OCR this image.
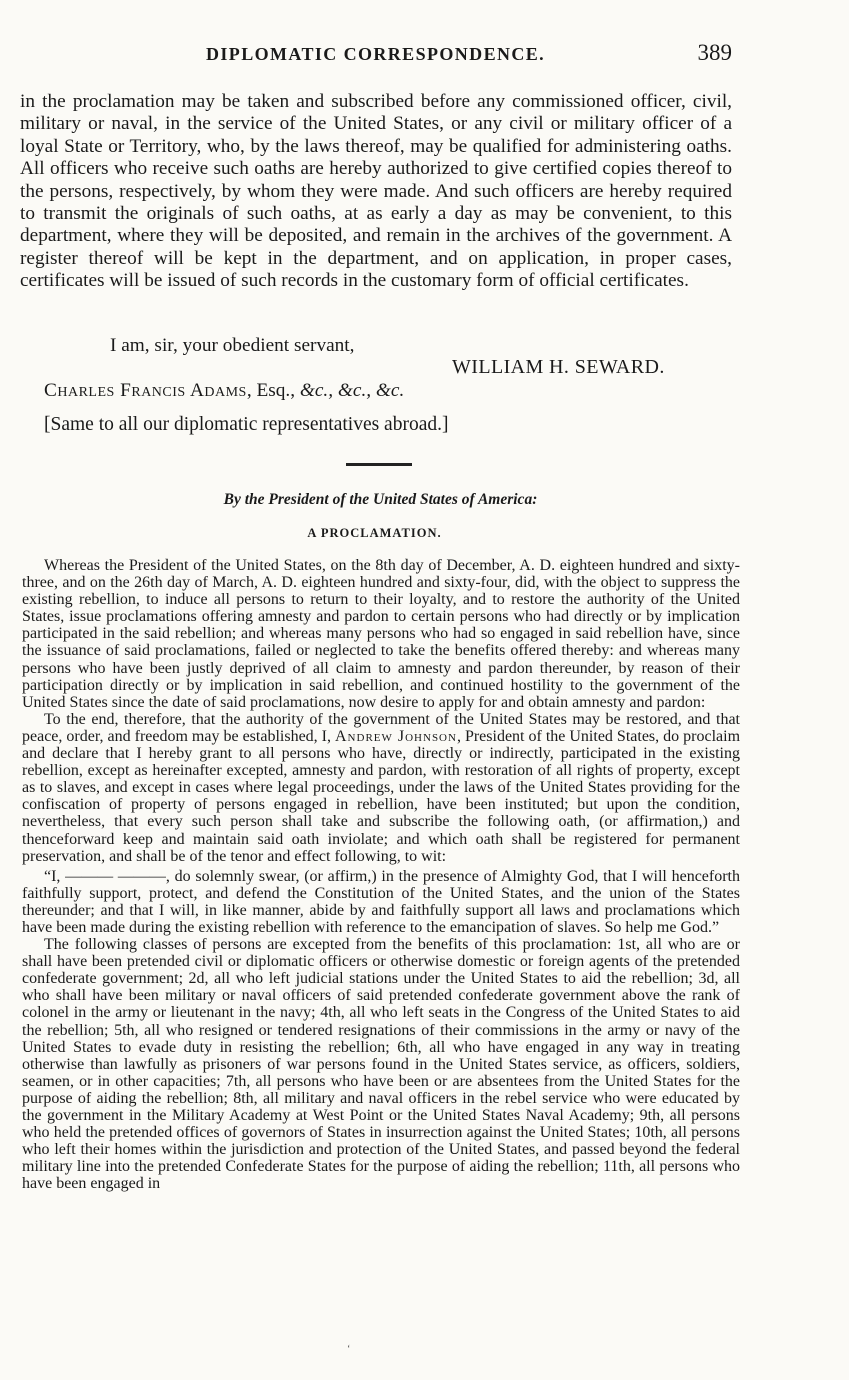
DIPLOMATIC CORRESPONDENCE.	389

in the proclamation may be taken and subscribed before any commissioned officer, civil, military or naval, in the service of the United States, or any civil or military officer of a loyal State or Territory, who, by the laws thereof, may be qualified for administering oaths. All officers who receive such oaths are hereby authorized to give certified copies thereof to the persons, respectively, by whom they were made. And such officers are hereby required to transmit the originals of such oaths, at as early a day as may be convenient, to this department, where they will be deposited, and remain in the archives of the government. A register thereof will be kept in the department, and on application, in proper cases, certificates will be issued of such records in the customary form of official certificates.

I am, sir, your obedient servant,
WILLIAM H. SEWARD.
Charles Francis Adams, Esq., &c., &c., &c.
[Same to all our diplomatic representatives abroad.]
By the President of the United States of America:
A PROCLAMATION.

Whereas the President of the United States, on the 8th day of December, A. D. eighteen hundred and sixty-three, and on the 26th day of March, A. D. eighteen hundred and sixty-four, did, with the object to suppress the existing rebellion, to induce all persons to return to their loyalty, and to restore the authority of the United States, issue proclamations offering amnesty and pardon to certain persons who had directly or by implication participated in the said rebellion; and whereas many persons who had so engaged in said rebellion have, since the issuance of said proclamations, failed or neglected to take the benefits offered thereby: and whereas many persons who have been justly deprived of all claim to amnesty and pardon thereunder, by reason of their participation directly or by implication in said rebellion, and continued hostility to the government of the United States since the date of said proclamations, now desire to apply for and obtain amnesty and pardon:

To the end, therefore, that the authority of the government of the United States may be restored, and that peace, order, and freedom may be established, I, Andrew Johnson, President of the United States, do proclaim and declare that I hereby grant to all persons who have, directly or indirectly, participated in the existing rebellion, except as hereinafter excepted, amnesty and pardon, with restoration of all rights of property, except as to slaves, and except in cases where legal proceedings, under the laws of the United States providing for the confiscation of property of persons engaged in rebellion, have been instituted; but upon the condition, nevertheless, that every such person shall take and subscribe the following oath, (or affirmation,) and thenceforward keep and maintain said oath inviolate; and which oath shall be registered for permanent preservation, and shall be of the tenor and effect following, to wit:

“I, ——— ———, do solemnly swear, (or affirm,) in the presence of Almighty God, that I will henceforth faithfully support, protect, and defend the Constitution of the United States, and the union of the States thereunder; and that I will, in like manner, abide by and faithfully support all laws and proclamations which have been made during the existing rebellion with reference to the emancipation of slaves. So help me God.”

The following classes of persons are excepted from the benefits of this proclamation: 1st, all who are or shall have been pretended civil or diplomatic officers or otherwise domestic or foreign agents of the pretended confederate government; 2d, all who left judicial stations under the United States to aid the rebellion; 3d, all who shall have been military or naval officers of said pretended confederate government above the rank of colonel in the army or lieutenant in the navy; 4th, all who left seats in the Congress of the United States to aid the rebellion; 5th, all who resigned or tendered resignations of their commissions in the army or navy of the United States to evade duty in resisting the rebellion; 6th, all who have engaged in any way in treating otherwise than lawfully as prisoners of war persons found in the United States service, as officers, soldiers, seamen, or in other capacities; 7th, all persons who have been or are absentees from the United States for the purpose of aiding the rebellion; 8th, all military and naval officers in the rebel service who were educated by the government in the Military Academy at West Point or the United States Naval Academy; 9th, all persons who held the pretended offices of governors of States in insurrection against the United States; 10th, all persons who left their homes within the jurisdiction and protection of the United States, and passed beyond the federal military line into the pretended Confederate States for the purpose of aiding the rebellion; 11th, all persons who have been engaged in

‘
